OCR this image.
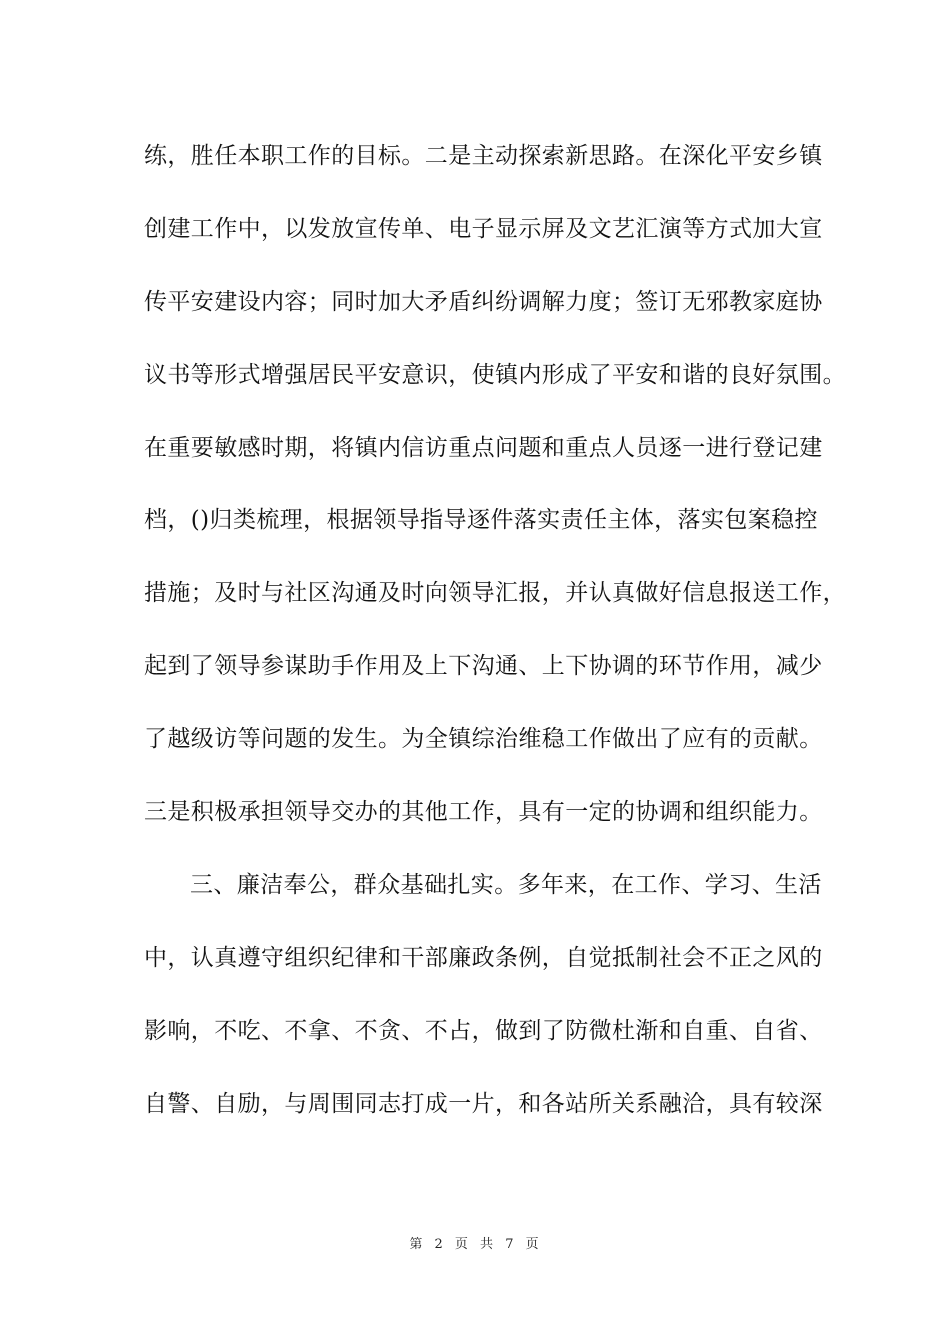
练，胜任本职工作的目标。二是主动探索新思路。在深化平安乡镇
创建工作中，以发放宣传单、电子显示屏及文艺汇演等方式加大宣
传平安建设内容；同时加大矛盾纠纷调解力度；签订无邪教家庭协
议书等形式增强居民平安意识，使镇内形成了平安和谐的良好氛围。
在重要敏感时期，将镇内信访重点问题和重点人员逐一进行登记建
档，()归类梳理，根据领导指导逐件落实责任主体，落实包案稳控
措施；及时与社区沟通及时向领导汇报，并认真做好信息报送工作，
起到了领导参谋助手作用及上下沟通、上下协调的环节作用，减少
了越级访等问题的发生。为全镇综治维稳工作做出了应有的贡献。
三是积极承担领导交办的其他工作，具有一定的协调和组织能力。
三、廉洁奉公，群众基础扎实。多年来，在工作、学习、生活
中，认真遵守组织纪律和干部廉政条例，自觉抵制社会不正之风的
影响，不吃、不拿、不贪、不占，做到了防微杜渐和自重、自省、
自警、自励，与周围同志打成一片，和各站所关系融洽，具有较深
第 2 页 共 7 页
